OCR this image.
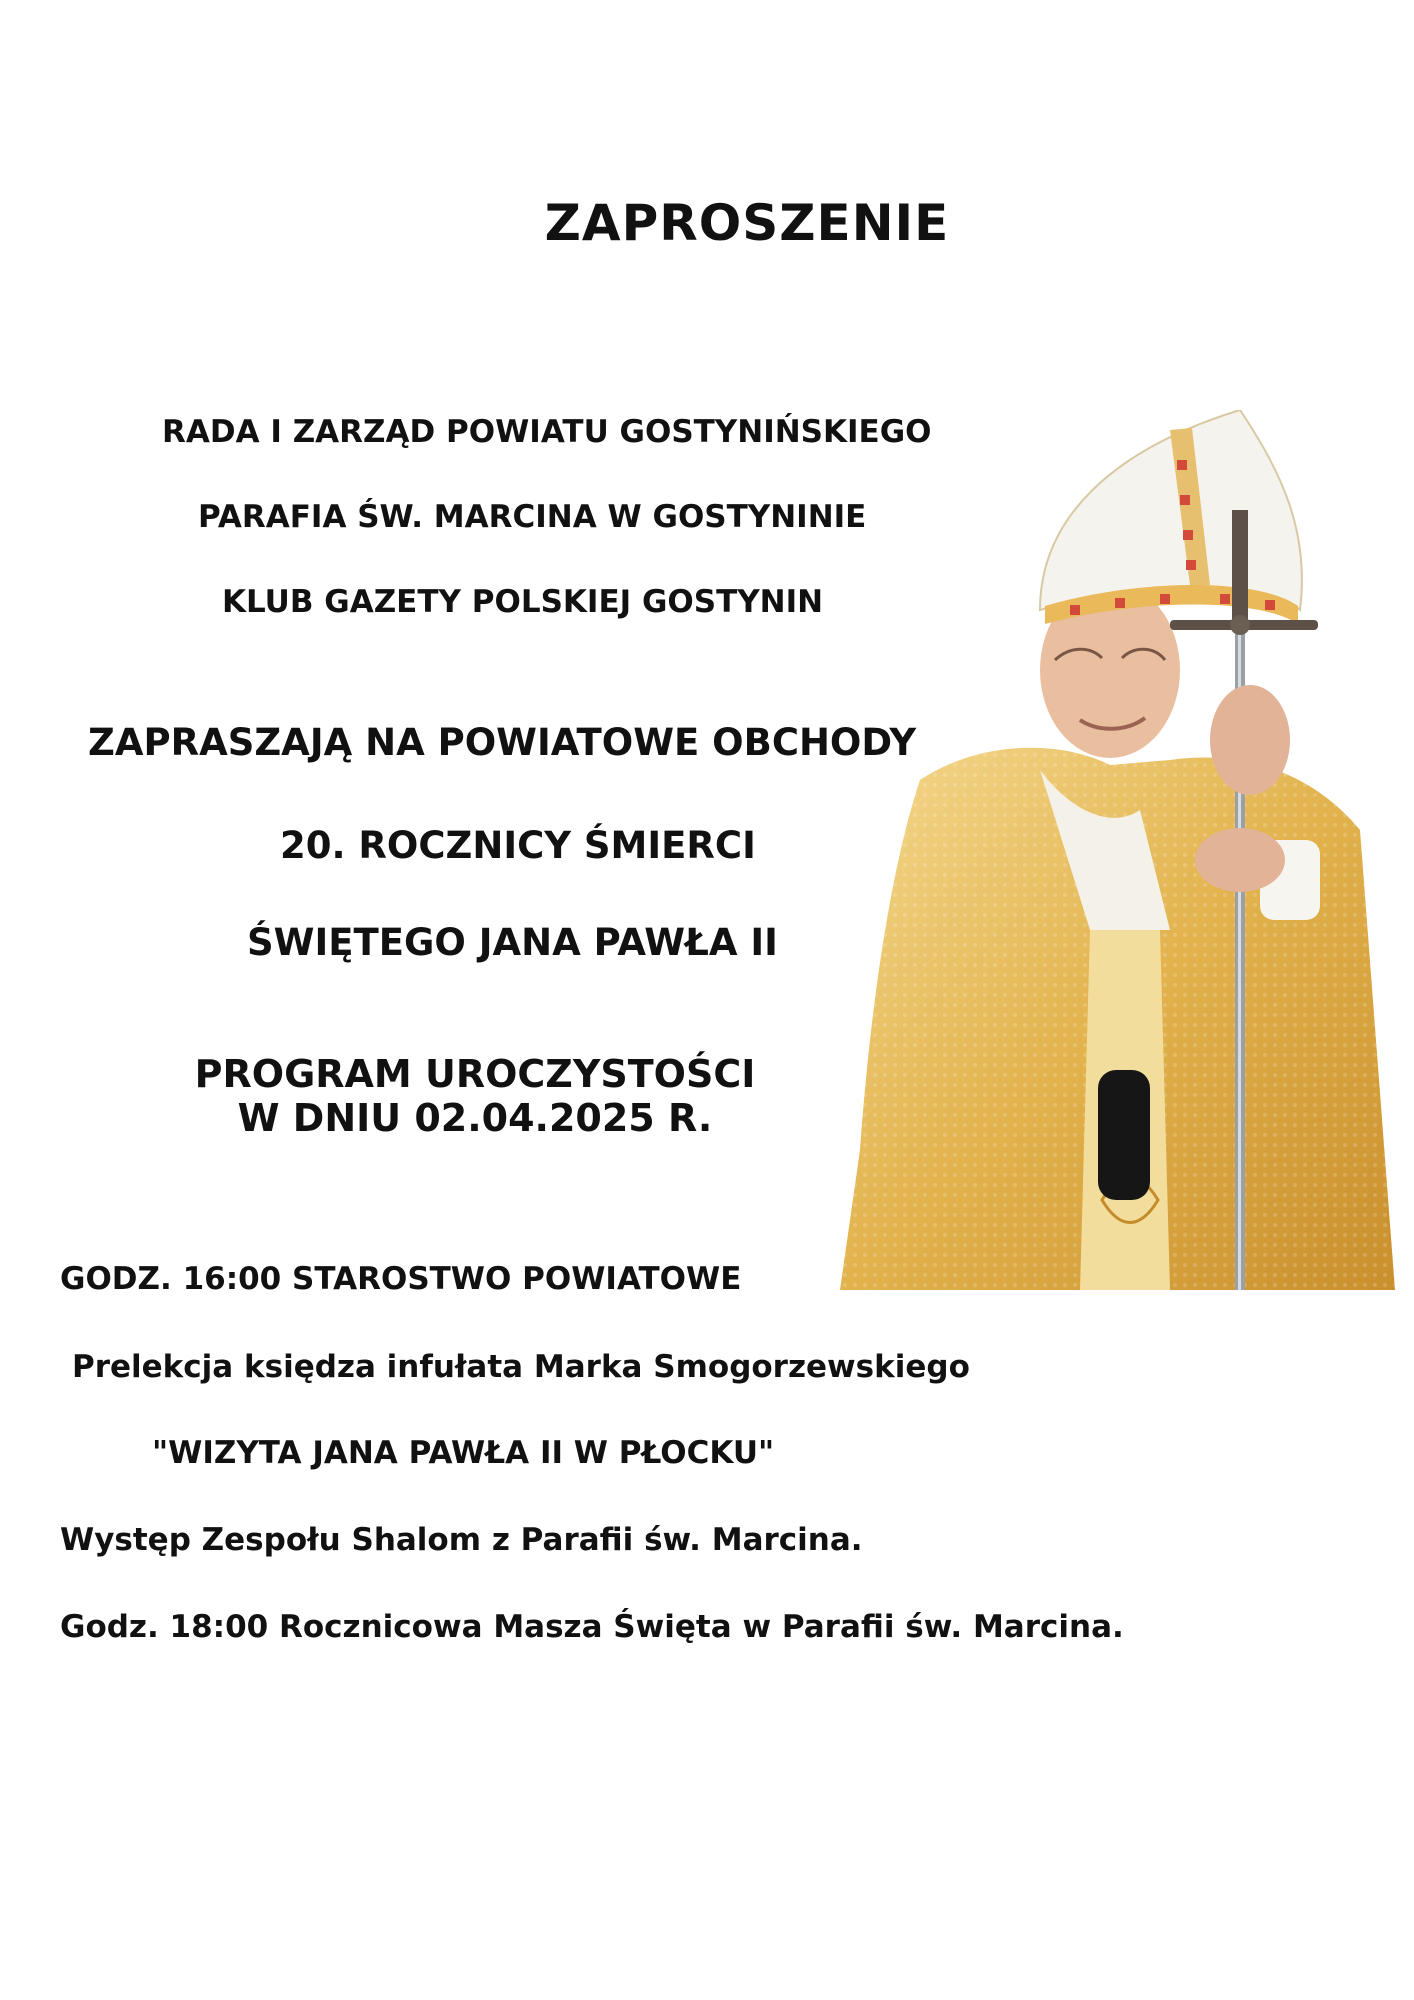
ZAPROSZENIE

RADA I ZARZĄD POWIATU GOSTYNIŃSKIEGO

PARAFIA ŚW. MARCINA W GOSTYNINIE

KLUB GAZETY POLSKIEJ GOSTYNIN

ZAPRASZAJĄ NA POWIATOWE OBCHODY

20. ROCZNICY ŚMIERCI

ŚWIĘTEGO JANA PAWŁA II

PROGRAM UROCZYSTOŚCI
W DNIU 02.04.2025 R.

GODZ. 16:00 STAROSTWO POWIATOWE

Prelekcja księdza infułata Marka Smogorzewskiego

"WIZYTA JANA PAWŁA II W PŁOCKU"

Występ Zespołu Shalom z Parafii św. Marcina.

Godz. 18:00 Rocznicowa Masza Święta w Parafii św. Marcina.
